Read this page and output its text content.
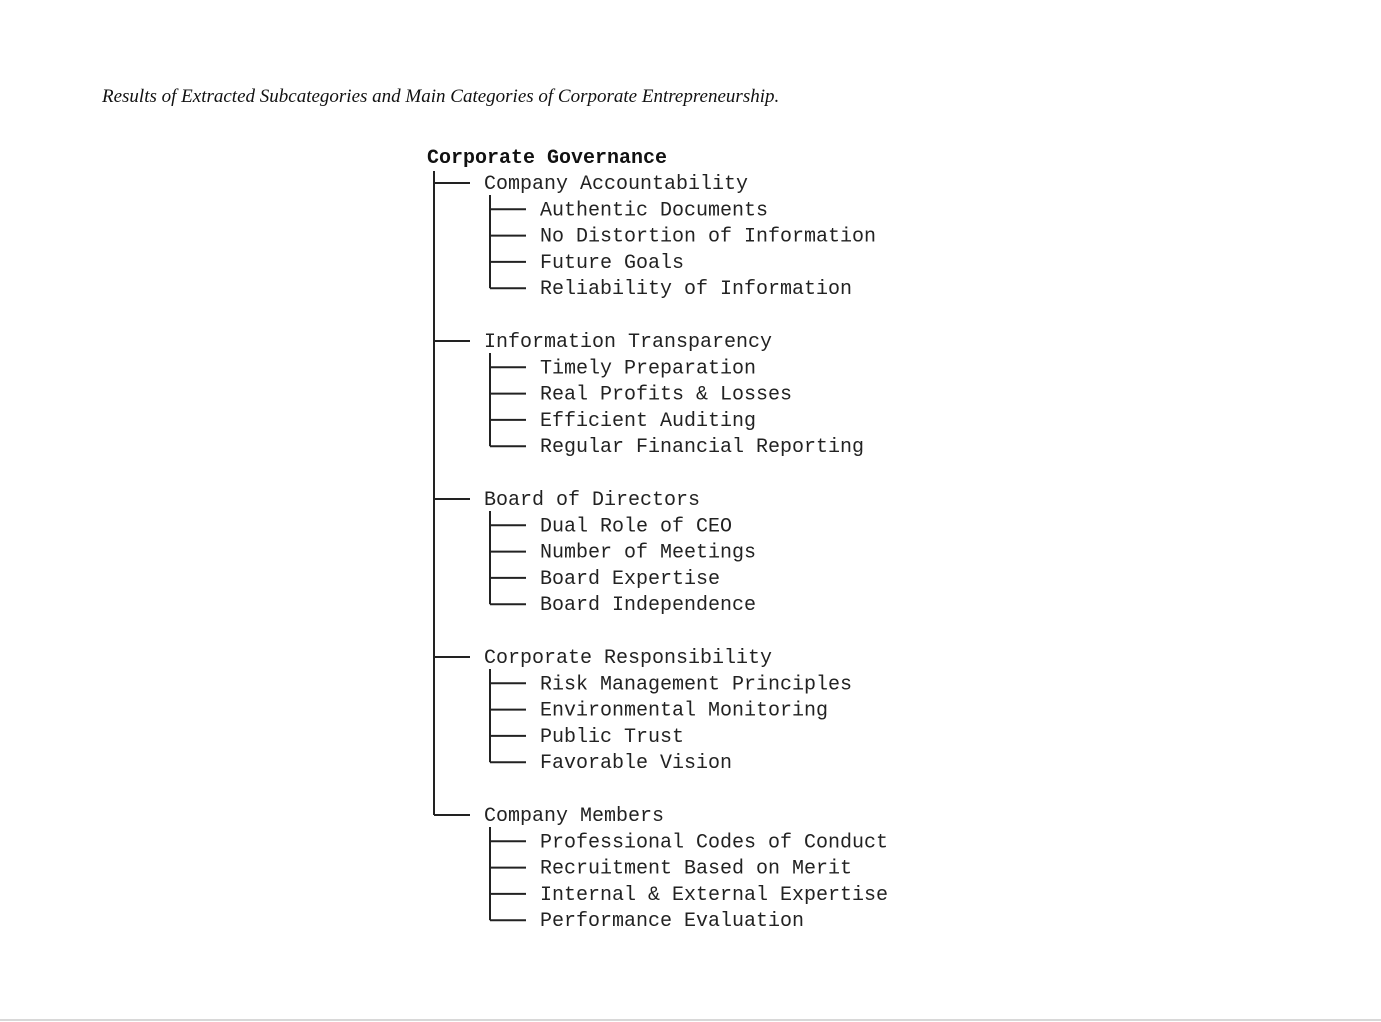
Results of Extracted Subcategories and Main Categories of Corporate Entrepreneurship.
Corporate Governance
Company Accountability
Authentic Documents
No Distortion of Information
Future Goals
Reliability of Information
Information Transparency
Timely Preparation
Real Profits & Losses
Efficient Auditing
Regular Financial Reporting
Board of Directors
Dual Role of CEO
Number of Meetings
Board Expertise
Board Independence
Corporate Responsibility
Risk Management Principles
Environmental Monitoring
Public Trust
Favorable Vision
Company Members
Professional Codes of Conduct
Recruitment Based on Merit
Internal & External Expertise
Performance Evaluation
